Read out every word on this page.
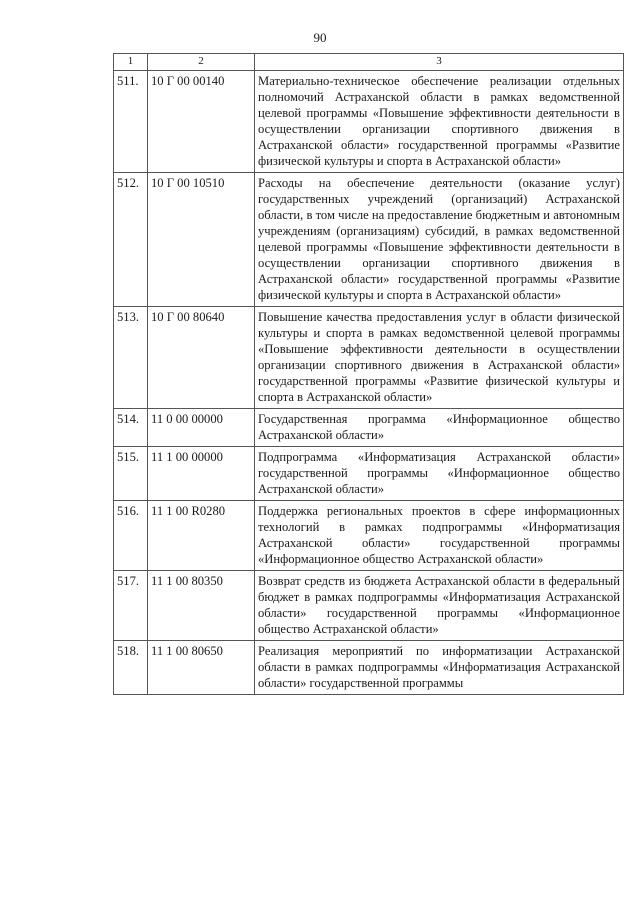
90
1	2	3
511.	10 Г 00 00140	Материально-техническое обеспечение реализации отдельных полномочий Астраханской области в рамках ведомственной целевой программы «Повышение эффективности деятельности в осуществлении организации спортивного движения в Астраханской области» государственной программы «Развитие физической культуры и спорта в Астраханской области»
512.	10 Г 00 10510	Расходы на обеспечение деятельности (оказание услуг) государственных учреждений (организаций) Астраханской области, в том числе на предоставление бюджетным и автономным учреждениям (организациям) субсидий, в рамках ведомственной целевой программы «Повышение эффективности деятельности в осуществлении организации спортивного движения в Астраханской области» государственной программы «Развитие физической культуры и спорта в Астраханской области»
513.	10 Г 00 80640	Повышение качества предоставления услуг в области физической культуры и спорта в рамках ведомственной целевой программы «Повышение эффективности деятельности в осуществлении организации спортивного движения в Астраханской области» государственной программы «Развитие физической культуры и спорта в Астраханской области»
514.	11 0 00 00000	Государственная программа «Информационное общество Астраханской области»
515.	11 1 00 00000	Подпрограмма «Информатизация Астраханской области» государственной программы «Информационное общество Астраханской области»
516.	11 1 00 R0280	Поддержка региональных проектов в сфере информационных технологий в рамках подпрограммы «Информатизация Астраханской области» государственной программы «Информационное общество Астраханской области»
517.	11 1 00 80350	Возврат средств из бюджета Астраханской области в федеральный бюджет в рамках подпрограммы «Информатизация Астраханской области» государственной программы «Информационное общество Астраханской области»
518.	11 1 00 80650	Реализация мероприятий по информатизации Астраханской области в рамках подпрограммы «Информатизация Астраханской области» государственной программы
